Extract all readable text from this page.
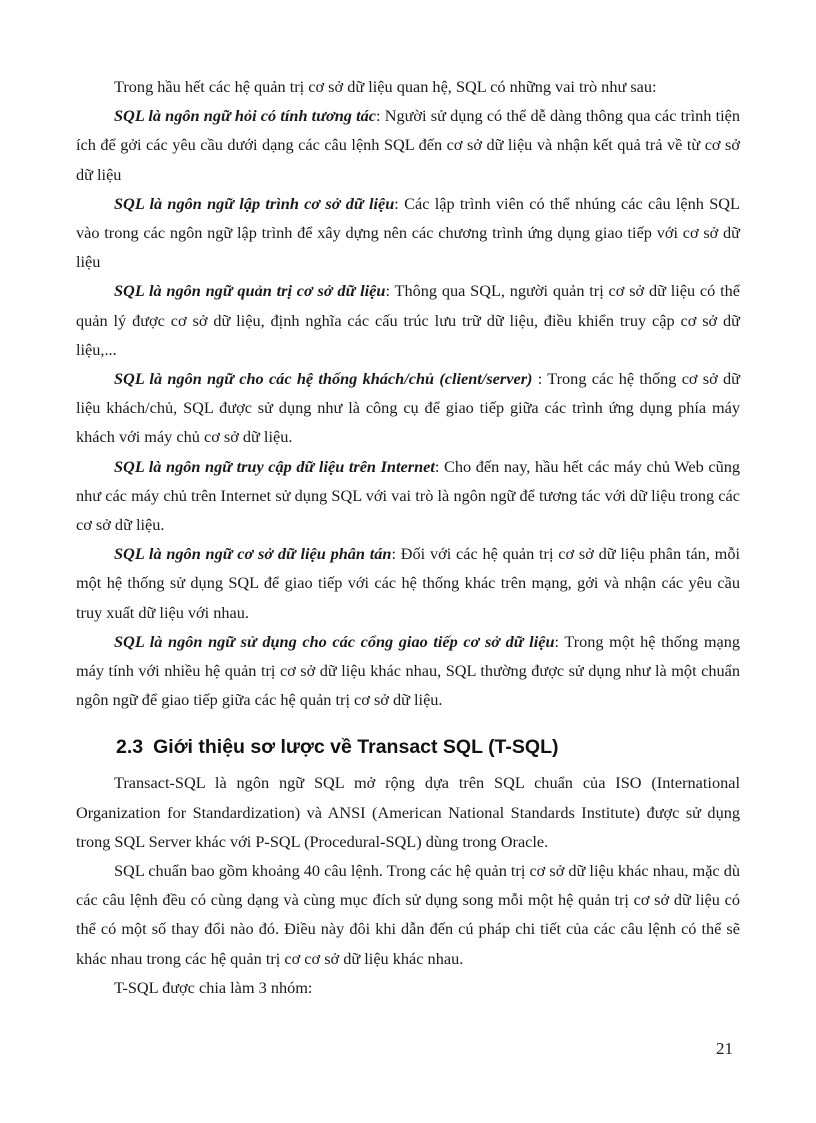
Trong hầu hết các hệ quản trị cơ sở dữ liệu quan hệ, SQL có những vai trò như sau:

SQL là ngôn ngữ hỏi có tính tương tác: Người sử dụng có thể dễ dàng thông qua các trình tiện ích để gởi các yêu cầu dưới dạng các câu lệnh SQL đến cơ sở dữ liệu và nhận kết quả trả về từ cơ sở dữ liệu

SQL là ngôn ngữ lập trình cơ sở dữ liệu: Các lập trình viên có thể nhúng các câu lệnh SQL vào trong các ngôn ngữ lập trình để xây dựng nên các chương trình ứng dụng giao tiếp với cơ sở dữ liệu

SQL là ngôn ngữ quản trị cơ sở dữ liệu: Thông qua SQL, người quản trị cơ sở dữ liệu có thể quản lý được cơ sở dữ liệu, định nghĩa các cấu trúc lưu trữ dữ liệu, điều khiển truy cập cơ sở dữ liệu,...

SQL là ngôn ngữ cho các hệ thống khách/chủ (client/server) : Trong các hệ thống cơ sở dữ liệu khách/chủ, SQL được sử dụng như là công cụ để giao tiếp giữa các trình ứng dụng phía máy khách với máy chủ cơ sở dữ liệu.

SQL là ngôn ngữ truy cập dữ liệu trên Internet: Cho đến nay, hầu hết các máy chủ Web cũng như các máy chủ trên Internet sử dụng SQL với vai trò là ngôn ngữ để tương tác với dữ liệu trong các cơ sở dữ liệu.

SQL là ngôn ngữ cơ sở dữ liệu phân tán: Đối với các hệ quản trị cơ sở dữ liệu phân tán, mỗi một hệ thống sử dụng SQL để giao tiếp với các hệ thống khác trên mạng, gởi và nhận các yêu cầu truy xuất dữ liệu với nhau.

SQL là ngôn ngữ sử dụng cho các cổng giao tiếp cơ sở dữ liệu: Trong một hệ thống mạng máy tính với nhiều hệ quản trị cơ sở dữ liệu khác nhau, SQL thường được sử dụng như là một chuẩn ngôn ngữ để giao tiếp giữa các hệ quản trị cơ sở dữ liệu.

2.3 Giới thiệu sơ lược về Transact SQL (T-SQL)

Transact-SQL là ngôn ngữ SQL mở rộng dựa trên SQL chuẩn của ISO (International Organization for Standardization) và ANSI (American National Standards Institute) được sử dụng trong SQL Server khác với P-SQL (Procedural-SQL) dùng trong Oracle.

SQL chuẩn bao gồm khoảng 40 câu lệnh. Trong các hệ quản trị cơ sở dữ liệu khác nhau, mặc dù các câu lệnh đều có cùng dạng và cùng mục đích sử dụng song mỗi một hệ quản trị cơ sở dữ liệu có thể có một số thay đổi nào đó. Điều này đôi khi dẫn đến cú pháp chi tiết của các câu lệnh có thể sẽ khác nhau trong các hệ quản trị cơ cơ sở dữ liệu khác nhau.

T-SQL được chia làm 3 nhóm:

21
